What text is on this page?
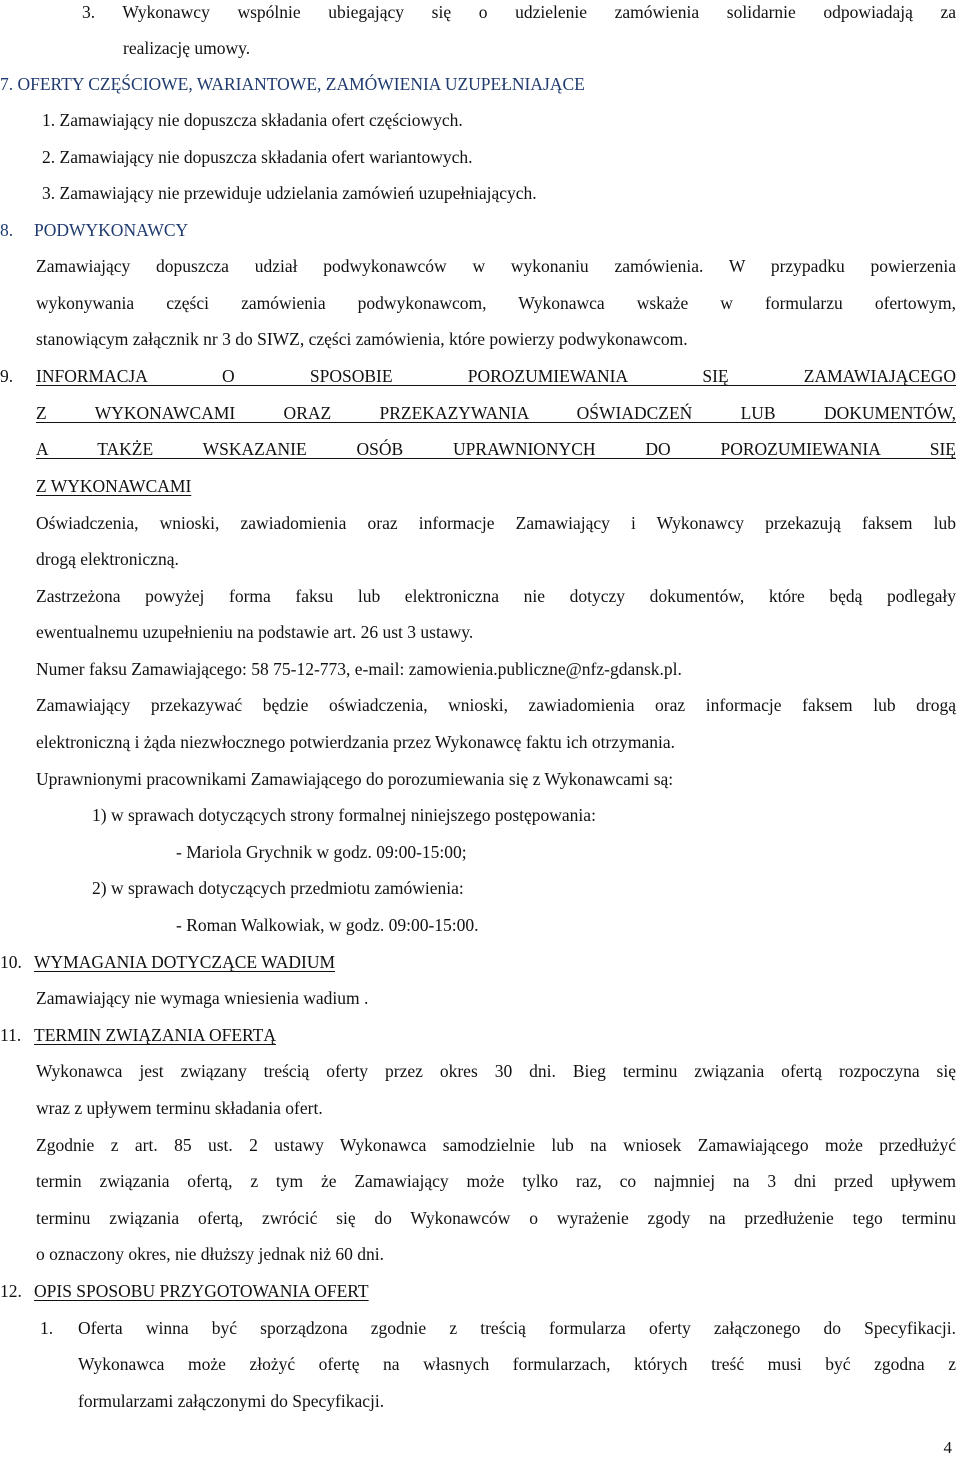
3. Wykonawcy wspólnie ubiegający się o udzielenie zamówienia solidarnie odpowiadają za
realizację umowy.
7. OFERTY CZĘŚCIOWE, WARIANTOWE, ZAMÓWIENIA UZUPEŁNIAJĄCE
1. Zamawiający nie dopuszcza składania ofert częściowych.
2. Zamawiający nie dopuszcza składania ofert wariantowych.
3. Zamawiający nie przewiduje udzielania zamówień uzupełniających.
8. PODWYKONAWCY
Zamawiający dopuszcza udział podwykonawców w wykonaniu zamówienia. W przypadku powierzenia
wykonywania części zamówienia podwykonawcom, Wykonawca wskaże w formularzu ofertowym,
stanowiącym załącznik nr 3 do SIWZ, części zamówienia, które powierzy podwykonawcom.
9.	INFORMACJA O SPOSOBIE POROZUMIEWANIA SIĘ ZAMAWIAJĄCEGO
Z WYKONAWCAMI ORAZ PRZEKAZYWANIA OŚWIADCZEŃ LUB DOKUMENTÓW,
A TAKŻE WSKAZANIE OSÓB UPRAWNIONYCH DO POROZUMIEWANIA SIĘ
Z WYKONAWCAMI
Oświadczenia, wnioski, zawiadomienia oraz informacje Zamawiający i Wykonawcy przekazują faksem lub
drogą elektroniczną.
Zastrzeżona powyżej forma faksu lub elektroniczna nie dotyczy dokumentów, które będą podlegały
ewentualnemu uzupełnieniu na podstawie art. 26 ust 3 ustawy.
Numer faksu Zamawiającego: 58 75-12-773, e-mail: zamowienia.publiczne@nfz-gdansk.pl.
Zamawiający przekazywać będzie oświadczenia, wnioski, zawiadomienia oraz informacje faksem lub drogą
elektroniczną i żąda niezwłocznego potwierdzania przez Wykonawcę faktu ich otrzymania.
Uprawnionymi pracownikami Zamawiającego do porozumiewania się z Wykonawcami są:
1) w sprawach dotyczących strony formalnej niniejszego postępowania:
- Mariola Grychnik w godz. 09:00-15:00;
2) w sprawach dotyczących przedmiotu zamówienia:
- Roman Walkowiak, w godz. 09:00-15:00.
10. WYMAGANIA DOTYCZĄCE WADIUM
Zamawiający nie wymaga wniesienia wadium .
11. TERMIN ZWIĄZANIA OFERTĄ
Wykonawca jest związany treścią oferty przez okres 30 dni. Bieg terminu związania ofertą rozpoczyna się
wraz z upływem terminu składania ofert.
Zgodnie z art. 85 ust. 2 ustawy Wykonawca samodzielnie lub na wniosek Zamawiającego może przedłużyć
termin związania ofertą, z tym że Zamawiający może tylko raz, co najmniej na 3 dni przed upływem
terminu związania ofertą, zwrócić się do Wykonawców o wyrażenie zgody na przedłużenie tego terminu
o oznaczony okres, nie dłuższy jednak niż 60 dni.
12. OPIS SPOSOBU PRZYGOTOWANIA OFERT
1.	Oferta winna być sporządzona zgodnie z treścią formularza oferty załączonego do Specyfikacji.
Wykonawca może złożyć ofertę na własnych formularzach, których treść musi być zgodna z
formularzami załączonymi do Specyfikacji.
4
